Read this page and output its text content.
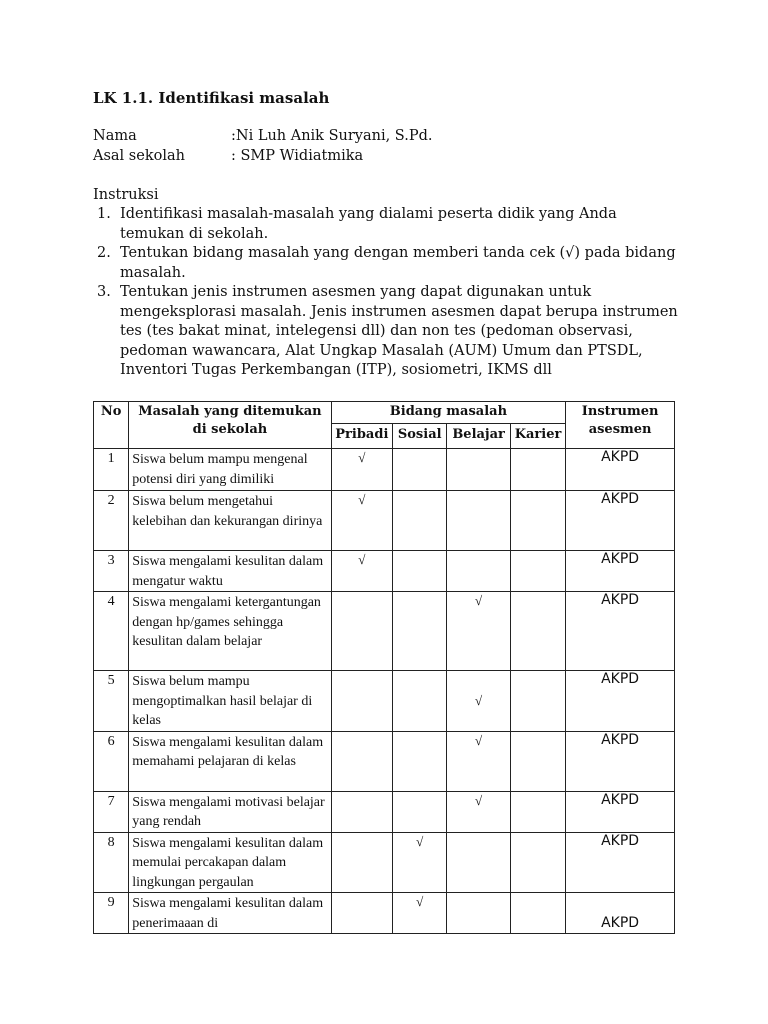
LK 1.1. Identifikasi masalah
Nama	:Ni Luh Anik Suryani, S.Pd.
Asal sekolah	: SMP Widiatmika
Instruksi
1. Identifikasi masalah-masalah yang dialami peserta didik yang Anda temukan di sekolah.
2. Tentukan bidang masalah yang dengan memberi tanda cek (√) pada bidang masalah.
3. Tentukan jenis instrumen asesmen yang dapat digunakan untuk mengeksplorasi masalah. Jenis instrumen asesmen dapat berupa instrumen tes (tes bakat minat, intelegensi dll) dan non tes (pedoman observasi, pedoman wawancara, Alat Ungkap Masalah (AUM) Umum dan PTSDL, Inventori Tugas Perkembangan (ITP), sosiometri, IKMS dll
No	Masalah yang ditemukan di sekolah	Bidang masalah				Instrumen asesmen
		Pribadi	Sosial	Belajar	Karier	
1	Siswa belum mampu mengenal potensi diri yang dimiliki	√				AKPD
2	Siswa belum mengetahui kelebihan dan kekurangan dirinya	√				AKPD
3	Siswa mengalami kesulitan dalam mengatur waktu	√				AKPD
4	Siswa mengalami ketergantungan dengan hp/games sehingga kesulitan dalam belajar			√		AKPD
5	Siswa belum mampu mengoptimalkan hasil belajar di kelas			√		AKPD
6	Siswa mengalami kesulitan dalam memahami pelajaran di kelas			√		AKPD
7	Siswa mengalami motivasi belajar yang rendah			√		AKPD
8	Siswa mengalami kesulitan dalam memulai percakapan dalam lingkungan pergaulan		√			AKPD
9	Siswa mengalami kesulitan dalam penerimaaan di		√			AKPD
